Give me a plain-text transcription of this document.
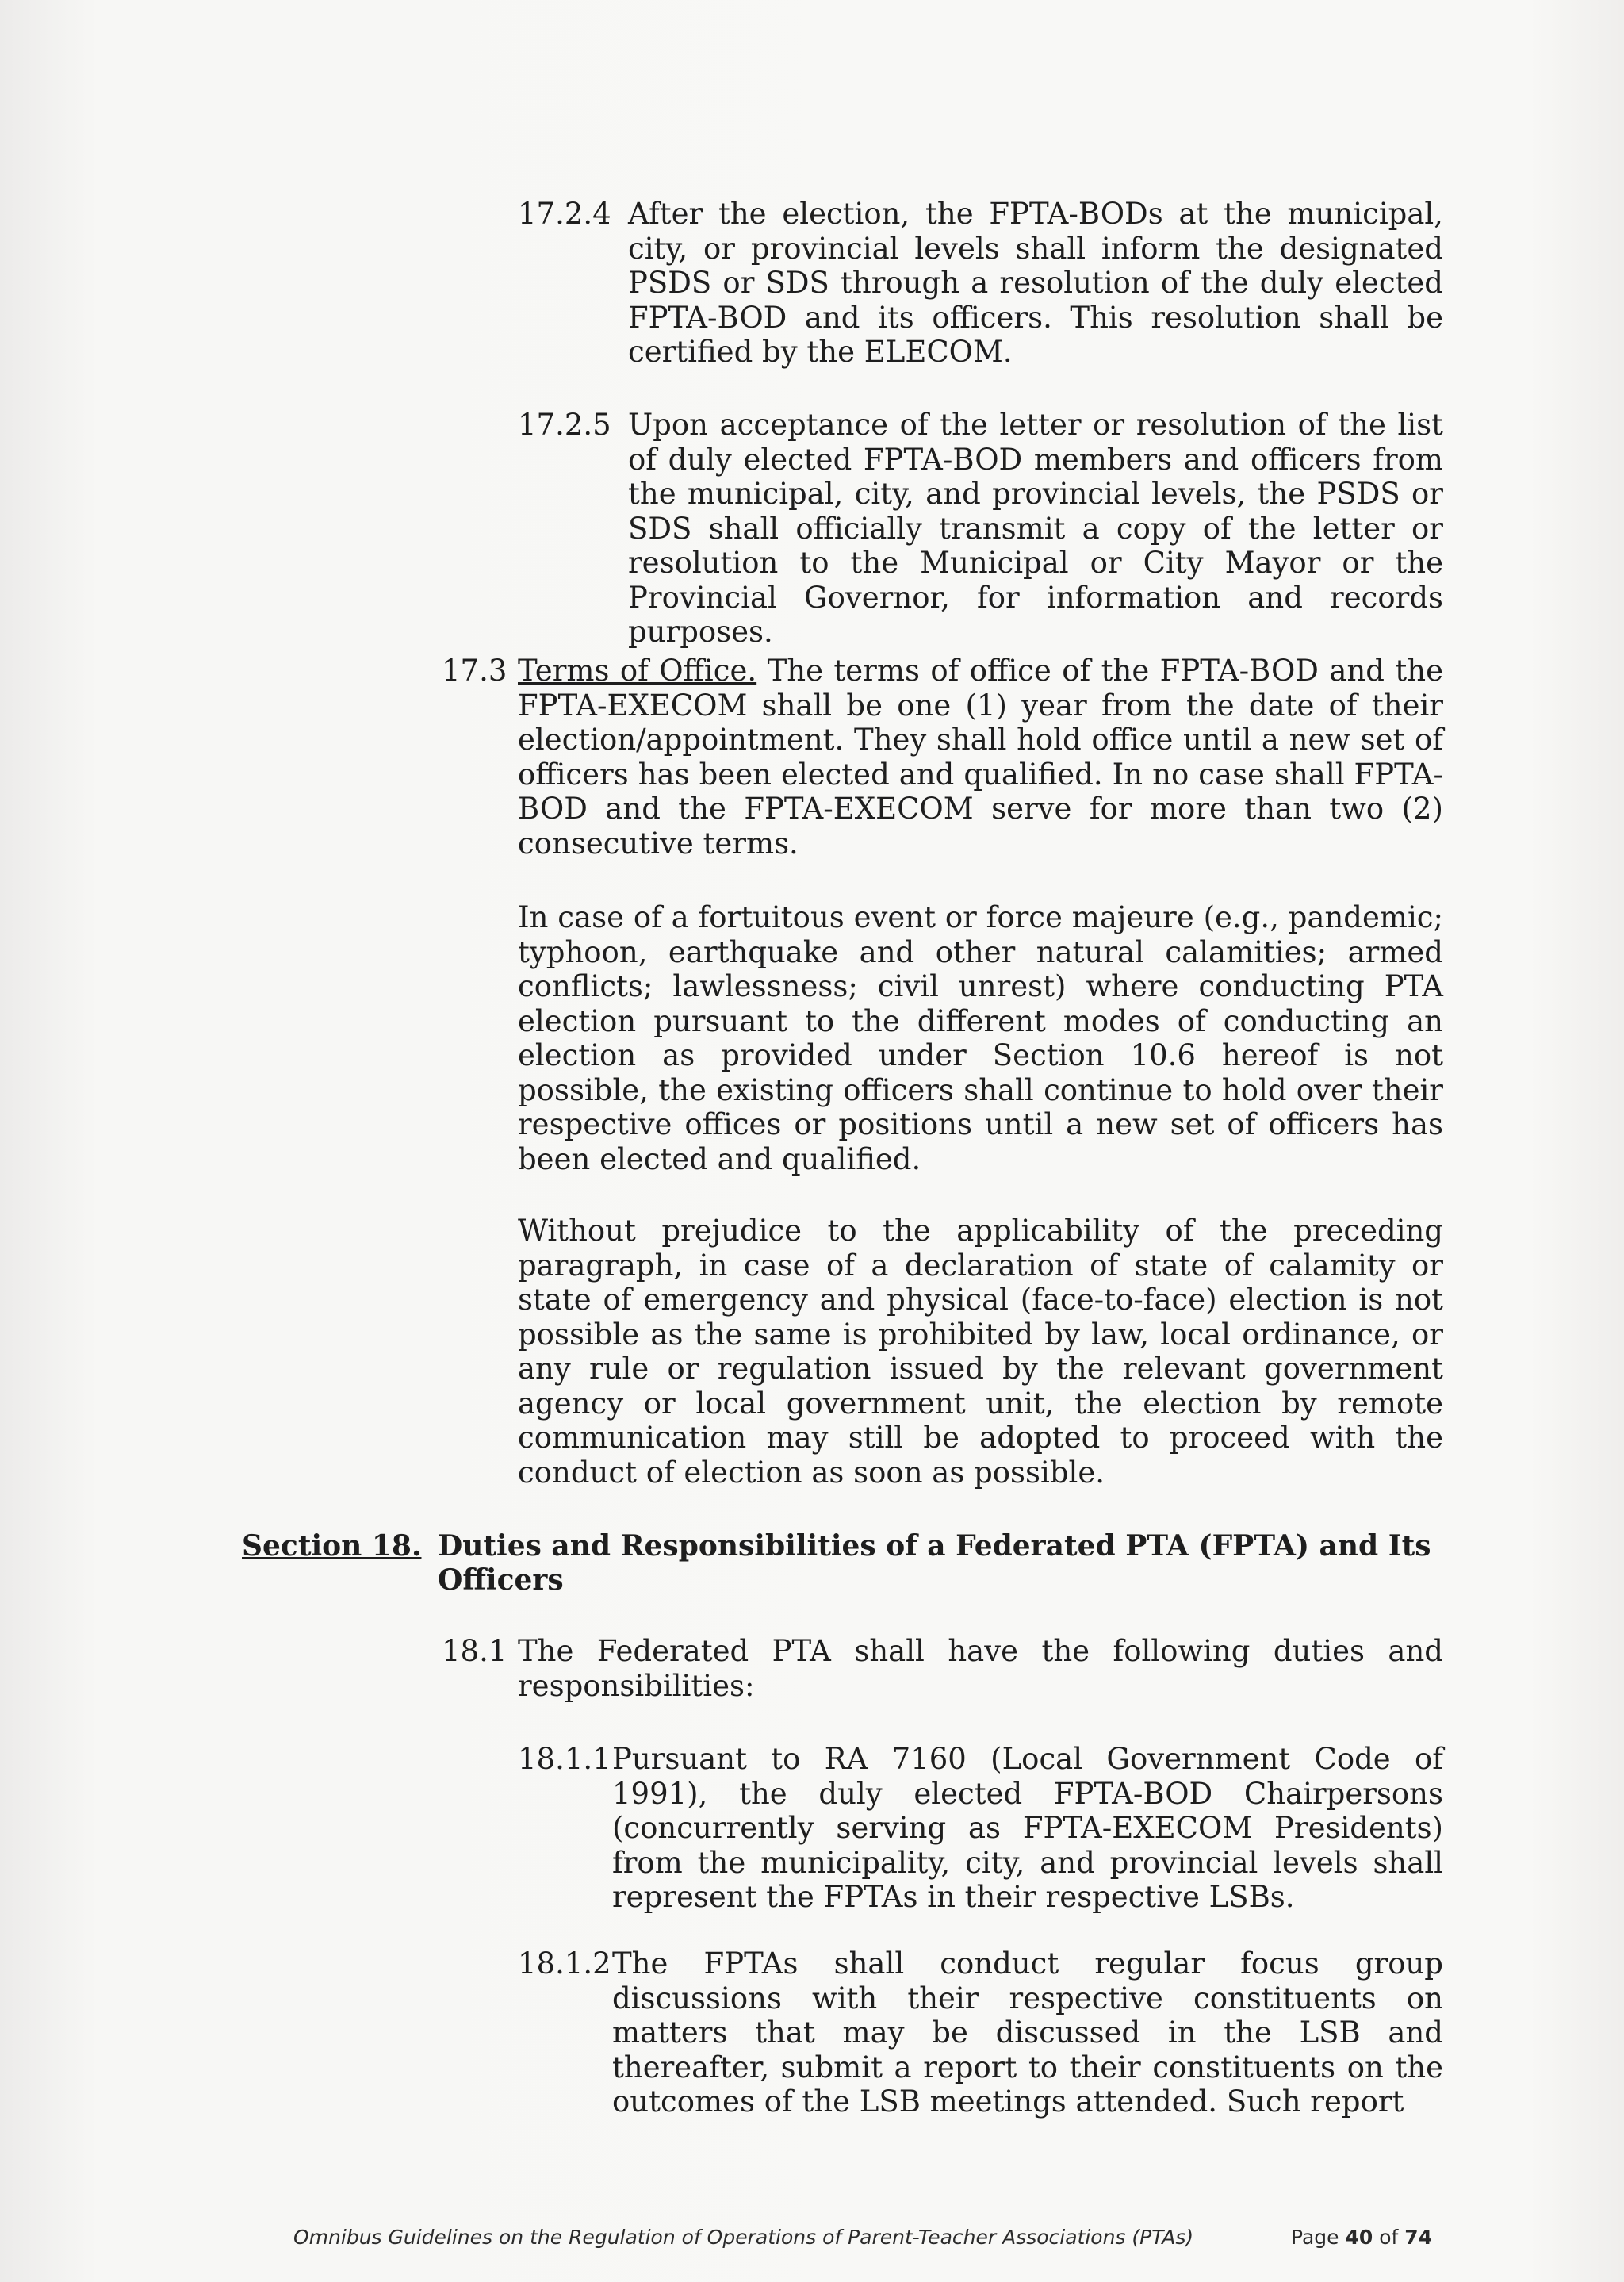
17.2.4 After the election, the FPTA-BODs at the municipal, city, or provincial levels shall inform the designated PSDS or SDS through a resolution of the duly elected FPTA-BOD and its officers. This resolution shall be certified by the ELECOM.
17.2.5 Upon acceptance of the letter or resolution of the list of duly elected FPTA-BOD members and officers from the municipal, city, and provincial levels, the PSDS or SDS shall officially transmit a copy of the letter or resolution to the Municipal or City Mayor or the Provincial Governor, for information and records purposes.
17.3 Terms of Office. The terms of office of the FPTA-BOD and the FPTA-EXECOM shall be one (1) year from the date of their election/appointment. They shall hold office until a new set of officers has been elected and qualified. In no case shall FPTA-BOD and the FPTA-EXECOM serve for more than two (2) consecutive terms.
In case of a fortuitous event or force majeure (e.g., pandemic; typhoon, earthquake and other natural calamities; armed conflicts; lawlessness; civil unrest) where conducting PTA election pursuant to the different modes of conducting an election as provided under Section 10.6 hereof is not possible, the existing officers shall continue to hold over their respective offices or positions until a new set of officers has been elected and qualified.
Without prejudice to the applicability of the preceding paragraph, in case of a declaration of state of calamity or state of emergency and physical (face-to-face) election is not possible as the same is prohibited by law, local ordinance, or any rule or regulation issued by the relevant government agency or local government unit, the election by remote communication may still be adopted to proceed with the conduct of election as soon as possible.
Section 18. Duties and Responsibilities of a Federated PTA (FPTA) and Its Officers
18.1 The Federated PTA shall have the following duties and responsibilities:
18.1.1 Pursuant to RA 7160 (Local Government Code of 1991), the duly elected FPTA-BOD Chairpersons (concurrently serving as FPTA-EXECOM Presidents) from the municipality, city, and provincial levels shall represent the FPTAs in their respective LSBs.
18.1.2 The FPTAs shall conduct regular focus group discussions with their respective constituents on matters that may be discussed in the LSB and thereafter, submit a report to their constituents on the outcomes of the LSB meetings attended. Such report
Omnibus Guidelines on the Regulation of Operations of Parent-Teacher Associations (PTAs)	Page 40 of 74
